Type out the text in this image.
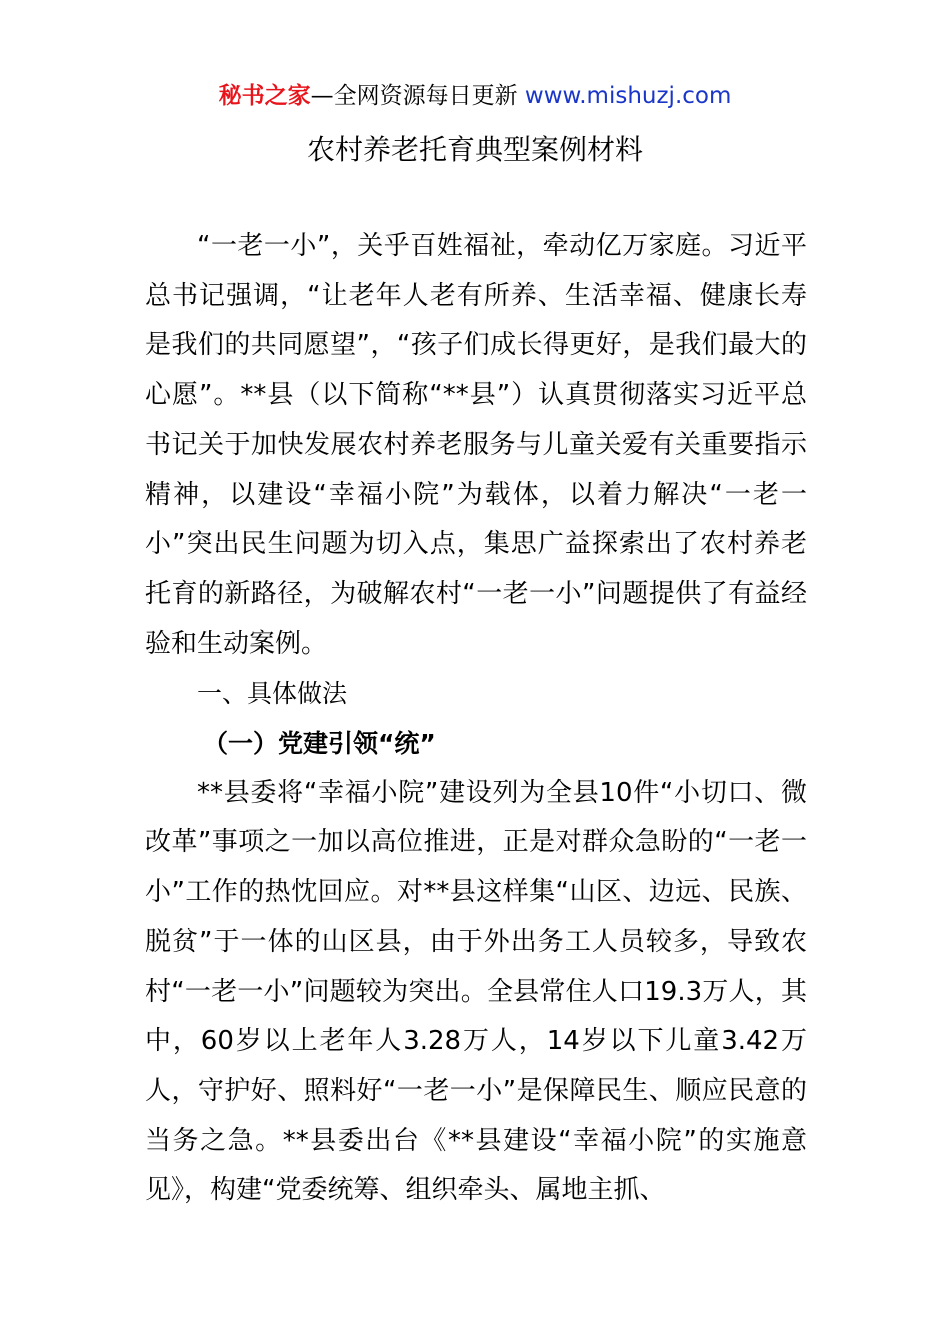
秘书之家—全网资源每日更新 www.mishuzj.com
农村养老托育典型案例材料

“一老一小”，关乎百姓福祉，牵动亿万家庭。习近平总书记强调，“让老年人老有所养、生活幸福、健康长寿是我们的共同愿望”，“孩子们成长得更好，是我们最大的心愿”。**县（以下简称“**县”）认真贯彻落实习近平总书记关于加快发展农村养老服务与儿童关爱有关重要指示精神，以建设“幸福小院”为载体，以着力解决“一老一小”突出民生问题为切入点，集思广益探索出了农村养老托育的新路径，为破解农村“一老一小”问题提供了有益经验和生动案例。

一、具体做法

（一）党建引领“统”

**县委将“幸福小院”建设列为全县10件“小切口、微改革”事项之一加以高位推进，正是对群众急盼的“一老一小”工作的热忱回应。对**县这样集“山区、边远、民族、脱贫”于一体的山区县，由于外出务工人员较多，导致农村“一老一小”问题较为突出。全县常住人口19.3万人，其中，60岁以上老年人3.28万人，14岁以下儿童3.42万人，守护好、照料好“一老一小”是保障民生、顺应民意的当务之急。**县委出台《**县建设“幸福小院”的实施意见》，构建“党委统筹、组织牵头、属地主抓、
